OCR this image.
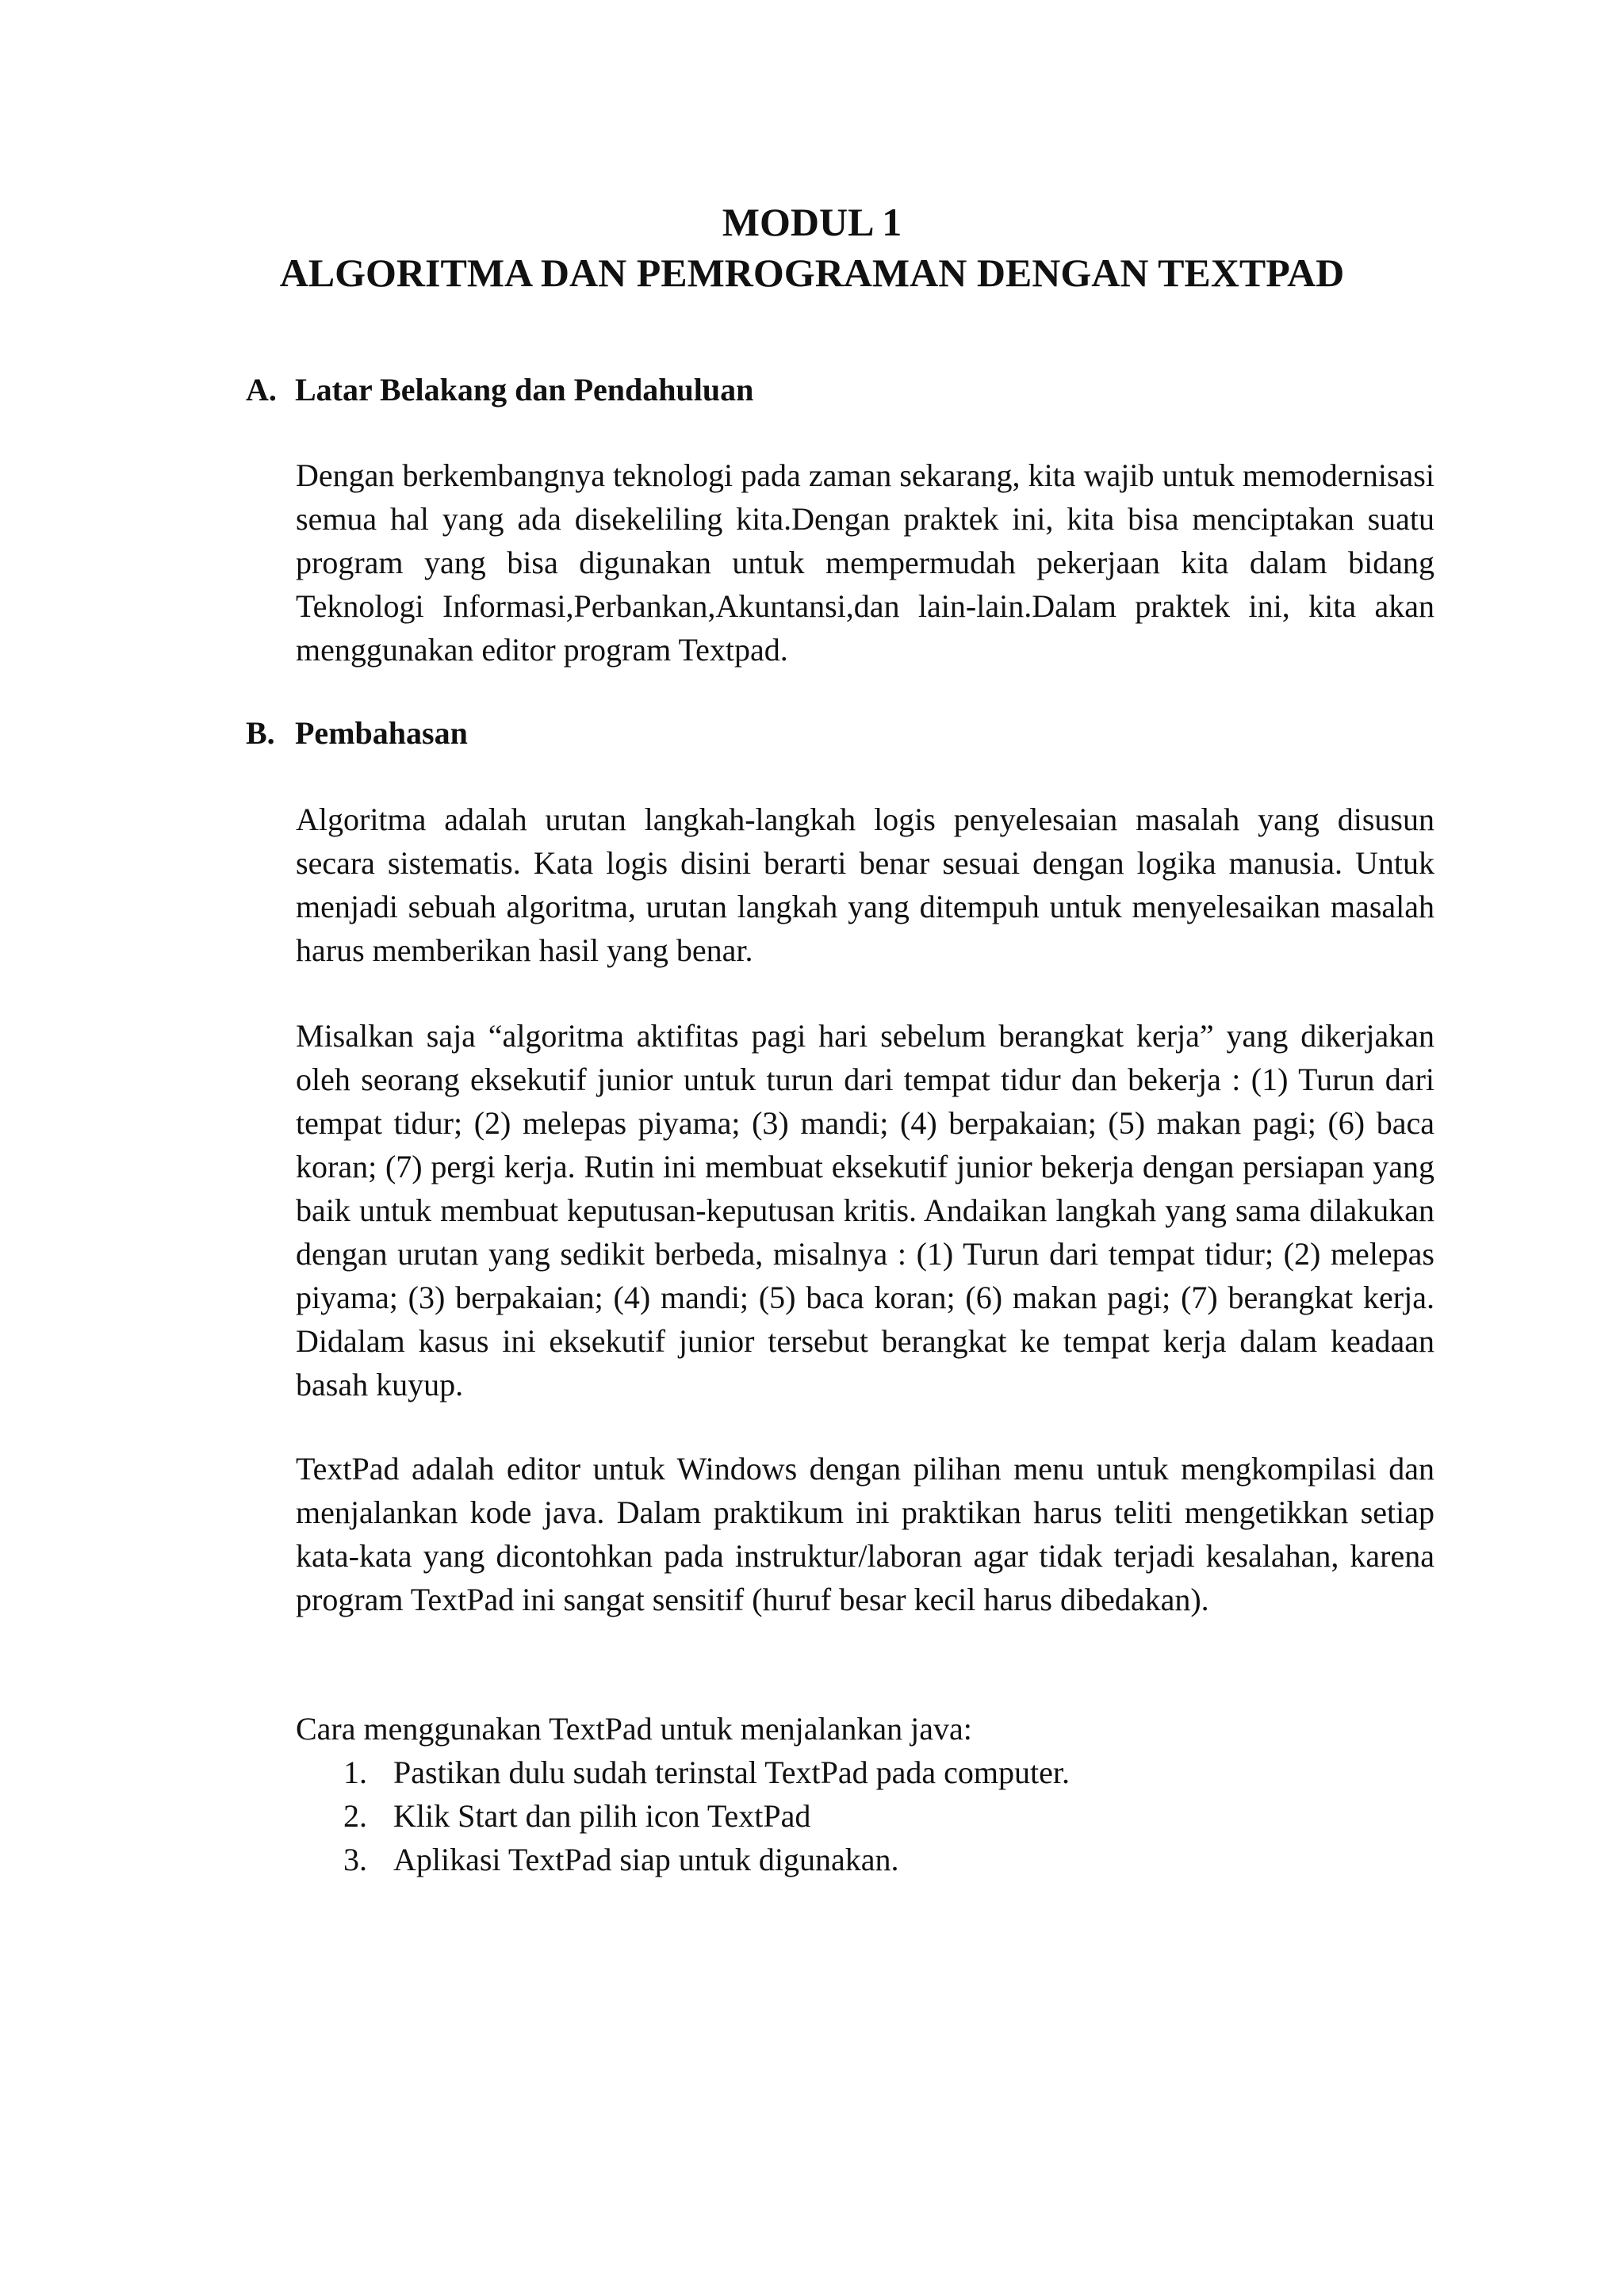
MODUL 1
ALGORITMA DAN PEMROGRAMAN DENGAN TEXTPAD
A. Latar Belakang dan Pendahuluan

Dengan berkembangnya teknologi pada zaman sekarang, kita wajib untuk memodernisasi semua hal yang ada disekeliling kita.Dengan praktek ini, kita bisa menciptakan suatu program yang bisa digunakan untuk mempermudah pekerjaan kita dalam bidang Teknologi Informasi,Perbankan,Akuntansi,dan lain-lain.Dalam praktek ini, kita akan menggunakan editor program Textpad.

B. Pembahasan

Algoritma adalah urutan langkah-langkah logis penyelesaian masalah yang disusun secara sistematis. Kata logis disini berarti benar sesuai dengan logika manusia. Untuk menjadi sebuah algoritma, urutan langkah yang ditempuh untuk menyelesaikan masalah harus memberikan hasil yang benar.

Misalkan saja “algoritma aktifitas pagi hari sebelum berangkat kerja” yang dikerjakan oleh seorang eksekutif junior untuk turun dari tempat tidur dan bekerja : (1) Turun dari tempat tidur; (2) melepas piyama; (3) mandi; (4) berpakaian; (5) makan pagi; (6) baca koran; (7) pergi kerja. Rutin ini membuat eksekutif junior bekerja dengan persiapan yang baik untuk membuat keputusan-keputusan kritis. Andaikan langkah yang sama dilakukan dengan urutan yang sedikit berbeda, misalnya : (1) Turun dari tempat tidur; (2) melepas piyama; (3) berpakaian; (4) mandi; (5) baca koran; (6) makan pagi; (7) berangkat kerja. Didalam kasus ini eksekutif junior tersebut berangkat ke tempat kerja dalam keadaan basah kuyup.

TextPad adalah editor untuk Windows dengan pilihan menu untuk mengkompilasi dan menjalankan kode java. Dalam praktikum ini praktikan harus teliti mengetikkan setiap kata-kata yang dicontohkan pada instruktur/laboran agar tidak terjadi kesalahan, karena program TextPad ini sangat sensitif (huruf besar kecil harus dibedakan).

Cara menggunakan TextPad untuk menjalankan java:

1. Pastikan dulu sudah terinstal TextPad pada computer.
2. Klik Start dan pilih icon TextPad
3. Aplikasi TextPad siap untuk digunakan.
